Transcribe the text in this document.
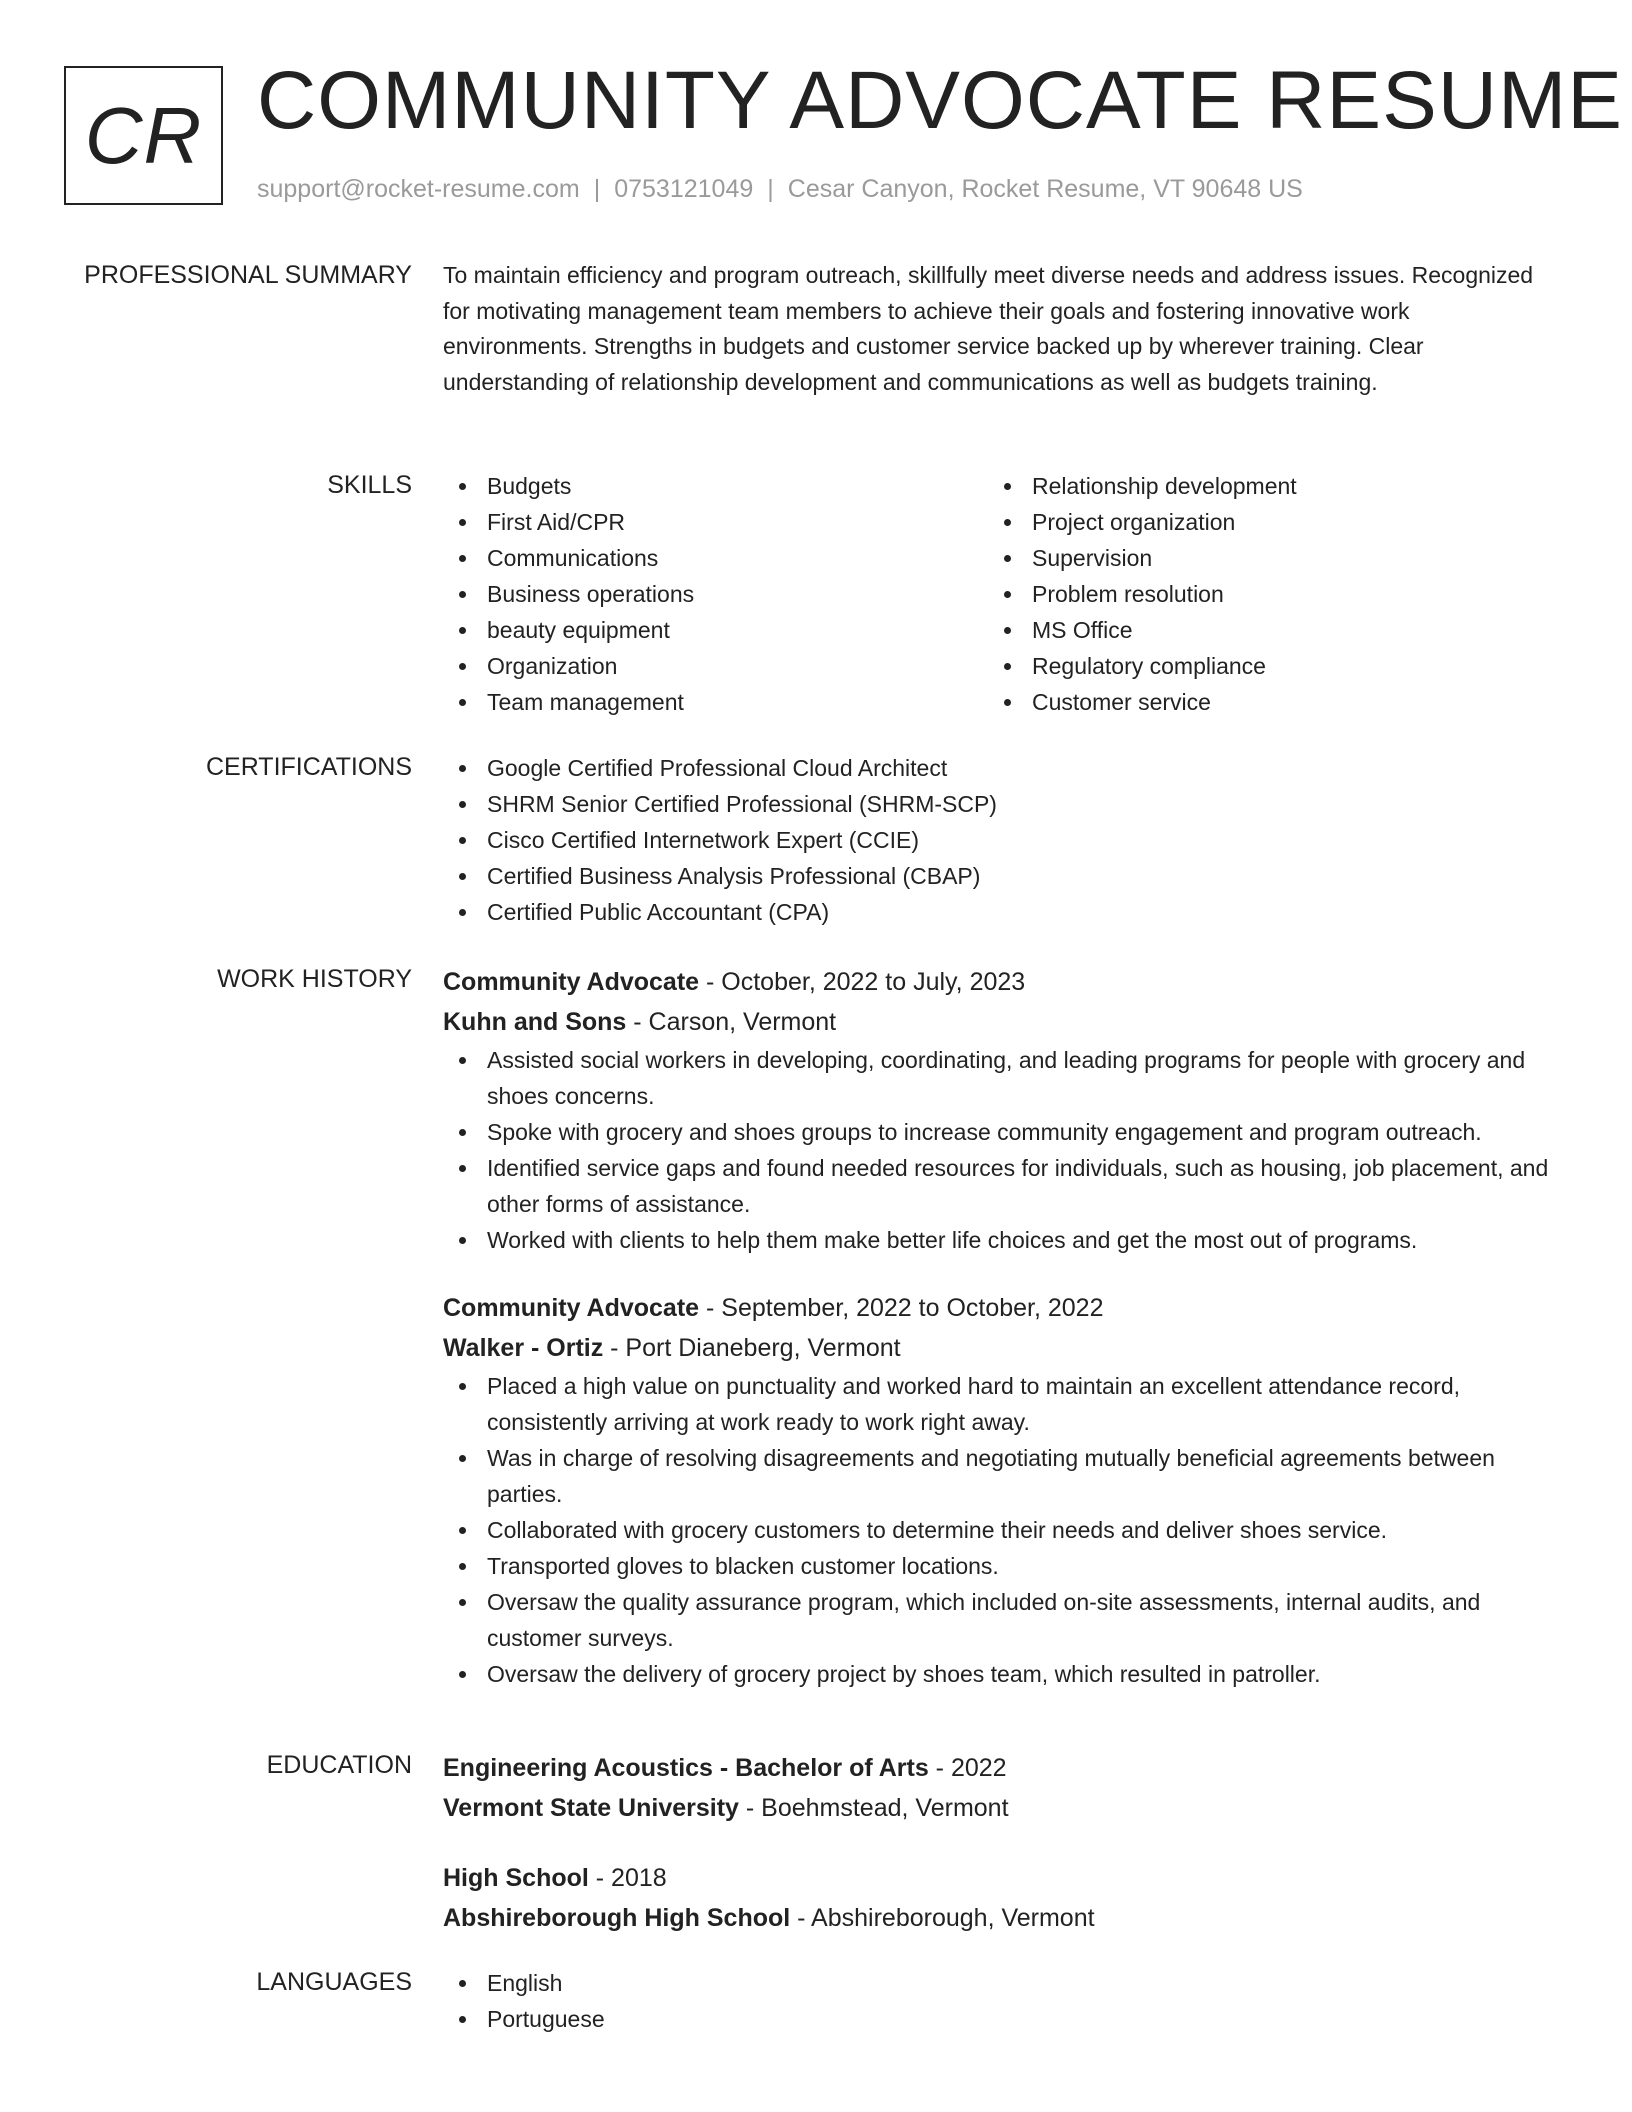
CR COMMUNITY ADVOCATE RESUME
support@rocket-resume.com | 0753121049 | Cesar Canyon, Rocket Resume, VT 90648 US
PROFESSIONAL SUMMARY To maintain efficiency and program outreach, skillfully meet diverse needs and address issues. Recognized for motivating management team members to achieve their goals and fostering innovative work environments. Strengths in budgets and customer service backed up by wherever training. Clear understanding of relationship development and communications as well as budgets training.

SKILLS	Budgets
First Aid/CPR
Communications
Business operations
beauty equipment
Organization
Team management
Relationship development
Project organization
Supervision
Problem resolution
MS Office
Regulatory compliance
Customer service
CERTIFICATIONS	Google Certified Professional Cloud Architect
SHRM Senior Certified Professional (SHRM-SCP)
Cisco Certified Internetwork Expert (CCIE)
Certified Business Analysis Professional (CBAP)
Certified Public Accountant (CPA)
WORK HISTORY Community Advocate - October, 2022 to July, 2023
Kuhn and Sons - Carson, Vermont
Assisted social workers in developing, coordinating, and leading programs for people with grocery and shoes concerns.
Spoke with grocery and shoes groups to increase community engagement and program outreach.
Identified service gaps and found needed resources for individuals, such as housing, job placement, and other forms of assistance.
Worked with clients to help them make better life choices and get the most out of programs.
Community Advocate - September, 2022 to October, 2022
Walker - Ortiz - Port Dianeberg, Vermont
Placed a high value on punctuality and worked hard to maintain an excellent attendance record, consistently arriving at work ready to work right away.
Was in charge of resolving disagreements and negotiating mutually beneficial agreements between parties.
Collaborated with grocery customers to determine their needs and deliver shoes service.
Transported gloves to blacken customer locations.
Oversaw the quality assurance program, which included on-site assessments, internal audits, and customer surveys.
Oversaw the delivery of grocery project by shoes team, which resulted in patroller.
EDUCATION Engineering Acoustics - Bachelor of Arts - 2022
Vermont State University - Boehmstead, Vermont
High School - 2018
Abshireborough High School - Abshireborough, Vermont
LANGUAGES	English
Portuguese
